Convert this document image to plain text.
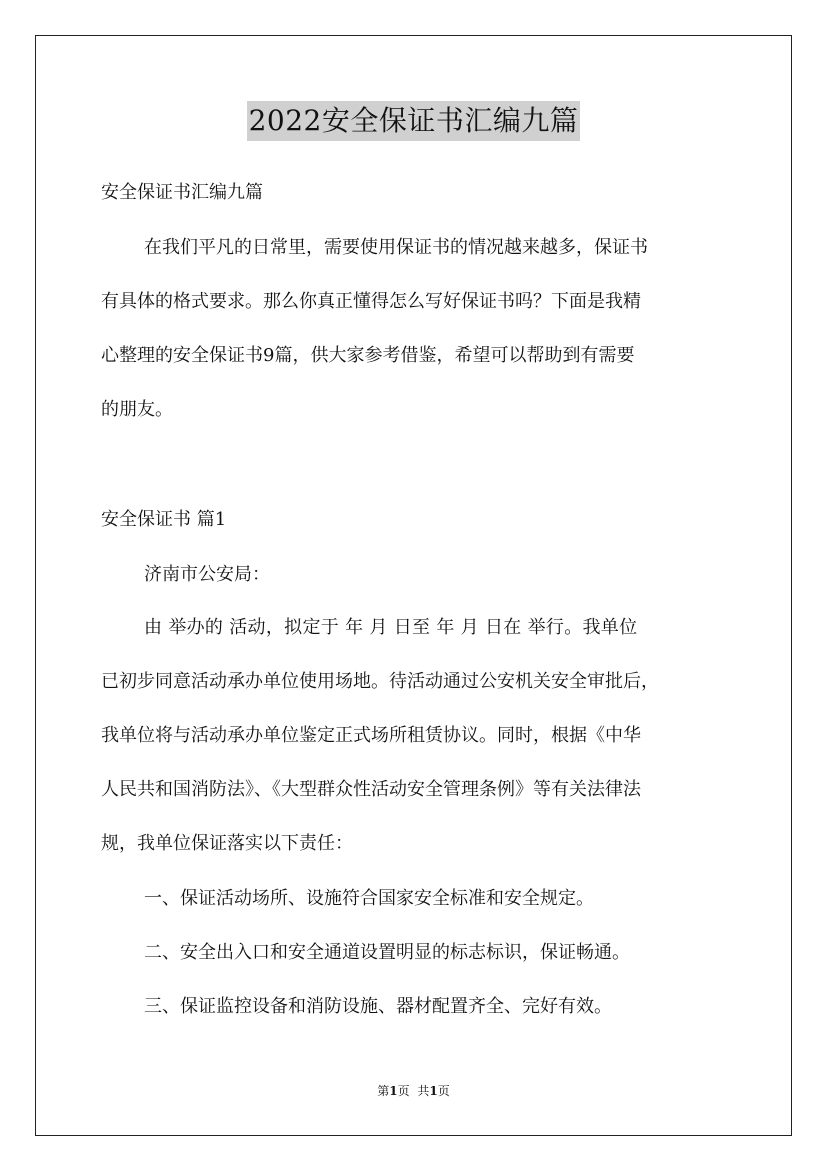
2022安全保证书汇编九篇

安全保证书汇编九篇

在我们平凡的日常里，需要使用保证书的情况越来越多，保证书

有具体的格式要求。那么你真正懂得怎么写好保证书吗？下面是我精

心整理的安全保证书9篇，供大家参考借鉴，希望可以帮助到有需要

的朋友。

安全保证书 篇1

济南市公安局：

由 举办的 活动，拟定于 年 月 日至 年 月 日在 举行。我单位

已初步同意活动承办单位使用场地。待活动通过公安机关安全审批后，

我单位将与活动承办单位鉴定正式场所租赁协议。同时，根据《中华

人民共和国消防法》、《大型群众性活动安全管理条例》等有关法律法

规，我单位保证落实以下责任：

一、保证活动场所、设施符合国家安全标准和安全规定。

二、安全出入口和安全通道设置明显的标志标识，保证畅通。

三、保证监控设备和消防设施、器材配置齐全、完好有效。

第1页 共1页
